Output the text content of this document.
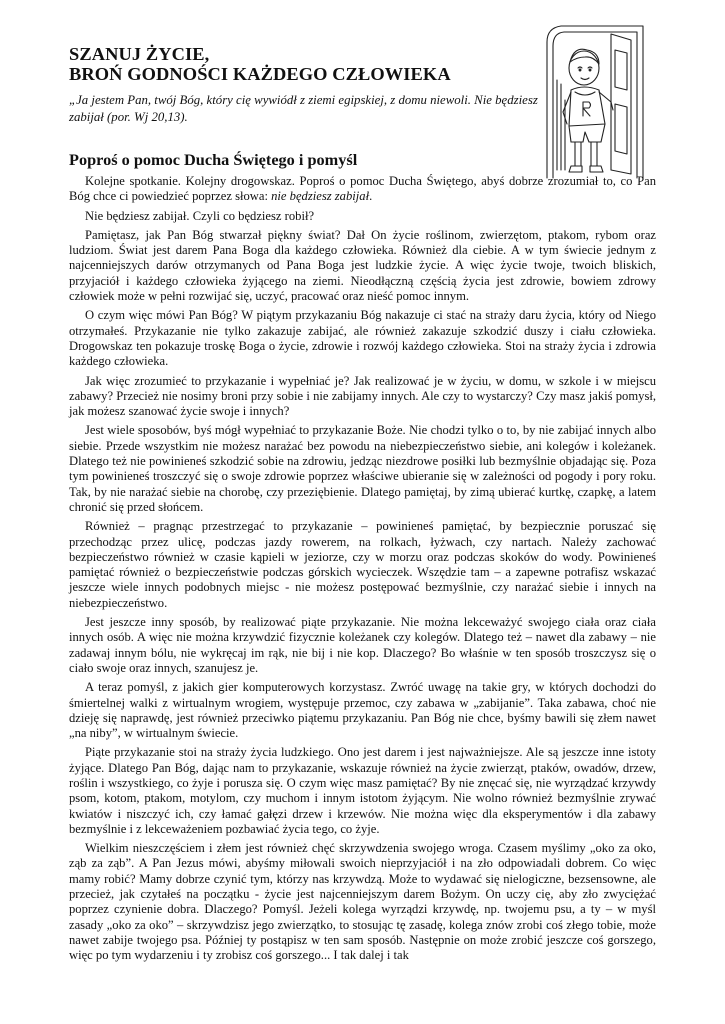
SZANUJ ŻYCIE,
BROŃ GODNOŚCI KAŻDEGO CZŁOWIEKA
„Ja jestem Pan, twój Bóg, który cię wywiódł z ziemi egipskiej, z domu niewoli. Nie będziesz zabijał (por. Wj 20,13).
Poproś o pomoc Ducha Świętego i pomyśl

Kolejne spotkanie. Kolejny drogowskaz. Poproś o pomoc Ducha Świętego, abyś dobrze zrozumiał to, co Pan Bóg chce ci powiedzieć poprzez słowa: nie będziesz zabijał.

Nie będziesz zabijał. Czyli co będziesz robił?

Pamiętasz, jak Pan Bóg stwarzał piękny świat? Dał On życie roślinom, zwierzętom, ptakom, rybom oraz ludziom. Świat jest darem Pana Boga dla każdego człowieka. Również dla ciebie. A w tym świecie jednym z najcenniejszych darów otrzymanych od Pana Boga jest ludzkie życie. A więc życie twoje, twoich bliskich, przyjaciół i każdego człowieka żyjącego na ziemi. Nieodłączną częścią życia jest zdrowie, bowiem zdrowy człowiek może w pełni rozwijać się, uczyć, pracować oraz nieść pomoc innym.

O czym więc mówi Pan Bóg? W piątym przykazaniu Bóg nakazuje ci stać na straży daru życia, który od Niego otrzymałeś. Przykazanie nie tylko zakazuje zabijać, ale również zakazuje szkodzić duszy i ciału człowieka. Drogowskaz ten pokazuje troskę Boga o życie, zdrowie i rozwój każdego człowieka. Stoi na straży życia i zdrowia każdego człowieka.

Jak więc zrozumieć to przykazanie i wypełniać je? Jak realizować je w życiu, w domu, w szkole i w miejscu zabawy? Przecież nie nosimy broni przy sobie i nie zabijamy innych. Ale czy to wystarczy? Czy masz jakiś pomysł, jak możesz szanować życie swoje i innych?

Jest wiele sposobów, byś mógł wypełniać to przykazanie Boże. Nie chodzi tylko o to, by nie zabijać innych albo siebie. Przede wszystkim nie możesz narażać bez powodu na niebezpieczeństwo siebie, ani kolegów i koleżanek. Dlatego też nie powinieneś szkodzić sobie na zdrowiu, jedząc niezdrowe posiłki lub bezmyślnie objadając się. Poza tym powinieneś troszczyć się o swoje zdrowie poprzez właściwe ubieranie się w zależności od pogody i pory roku. Tak, by nie narażać siebie na chorobę, czy przeziębienie. Dlatego pamiętaj, by zimą ubierać kurtkę, czapkę, a latem chronić się przed słońcem.

Również – pragnąc przestrzegać to przykazanie – powinieneś pamiętać, by bezpiecznie poruszać się przechodząc przez ulicę, podczas jazdy rowerem, na rolkach, łyżwach, czy nartach. Należy zachować bezpieczeństwo również w czasie kąpieli w jeziorze, czy w morzu oraz podczas skoków do wody. Powinieneś pamiętać również o bezpieczeństwie podczas górskich wycieczek. Wszędzie tam – a zapewne potrafisz wskazać jeszcze wiele innych podobnych miejsc - nie możesz postępować bezmyślnie, czy narażać siebie i innych na niebezpieczeństwo.

Jest jeszcze inny sposób, by realizować piąte przykazanie. Nie można lekceważyć swojego ciała oraz ciała innych osób. A więc nie można krzywdzić fizycznie koleżanek czy kolegów. Dlatego też – nawet dla zabawy – nie zadawaj innym bólu, nie wykręcaj im rąk, nie bij i nie kop. Dlaczego? Bo właśnie w ten sposób troszczysz się o ciało swoje oraz innych, szanujesz je.

A teraz pomyśl, z jakich gier komputerowych korzystasz. Zwróć uwagę na takie gry, w których dochodzi do śmiertelnej walki z wirtualnym wrogiem, występuje przemoc, czy zabawa w „zabijanie”. Taka zabawa, choć nie dzieję się naprawdę, jest również przeciwko piątemu przykazaniu. Pan Bóg nie chce, byśmy bawili się złem nawet „na niby”, w wirtualnym świecie.

Piąte przykazanie stoi na straży życia ludzkiego. Ono jest darem i jest najważniejsze. Ale są jeszcze inne istoty żyjące. Dlatego Pan Bóg, dając nam to przykazanie, wskazuje również na życie zwierząt, ptaków, owadów, drzew, roślin i wszystkiego, co żyje i porusza się. O czym więc masz pamiętać? By nie znęcać się, nie wyrządzać krzywdy psom, kotom, ptakom, motylom, czy muchom i innym istotom żyjącym. Nie wolno również bezmyślnie zrywać kwiatów i niszczyć ich, czy łamać gałęzi drzew i krzewów. Nie można więc dla eksperymentów i dla zabawy bezmyślnie i z lekceważeniem pozbawiać życia tego, co żyje.

Wielkim nieszczęściem i złem jest również chęć skrzywdzenia swojego wroga. Czasem myślimy „oko za oko, ząb za ząb”. A Pan Jezus mówi, abyśmy miłowali swoich nieprzyjaciół i na zło odpowiadali dobrem. Co więc mamy robić? Mamy dobrze czynić tym, którzy nas krzywdzą. Może to wydawać się nielogiczne, bezsensowne, ale przecież, jak czytałeś na początku - życie jest najcenniejszym darem Bożym. On uczy cię, aby zło zwyciężać poprzez czynienie dobra. Dlaczego? Pomyśl. Jeżeli kolega wyrządzi krzywdę, np. twojemu psu, a ty – w myśl zasady „oko za oko” – skrzywdzisz jego zwierzątko, to stosując tę zasadę, kolega znów zrobi coś złego tobie, może nawet zabije twojego psa. Później ty postąpisz w ten sam sposób. Następnie on może zrobić jeszcze coś gorszego, więc po tym wydarzeniu i ty zrobisz coś gorszego... I tak dalej i tak
